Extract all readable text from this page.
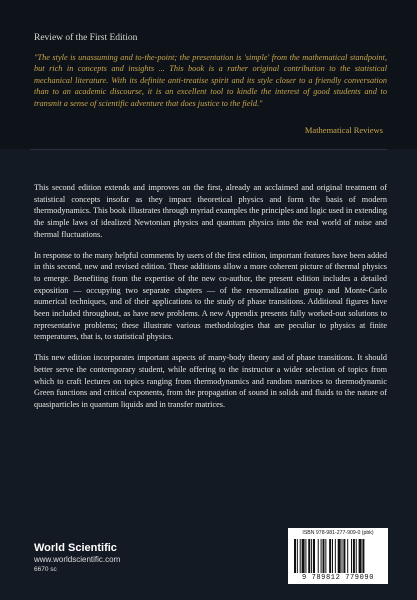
Review of the First Edition
"The style is unassuming and to-the-point; the presentation is 'simple' from the mathematical standpoint, but rich in concepts and insights ... This book is a rather original contribution to the statistical mechanical literature. With its definite anti-treatise spirit and its style closer to a friendly conversation than to an academic discourse, it is an excellent tool to kindle the interest of good students and to transmit a sense of scientific adventure that does justice to the field."
Mathematical Reviews

This second edition extends and improves on the first, already an acclaimed and original treatment of statistical concepts insofar as they impact theoretical physics and form the basis of modern thermodynamics. This book illustrates through myriad examples the principles and logic used in extending the simple laws of idealized Newtonian physics and quantum physics into the real world of noise and thermal fluctuations.

In response to the many helpful comments by users of the first edition, important features have been added in this second, new and revised edition. These additions allow a more coherent picture of thermal physics to emerge. Benefiting from the expertise of the new co-author, the present edition includes a detailed exposition — occupying two separate chapters — of the renormalization group and Monte-Carlo numerical techniques, and of their applications to the study of phase transitions. Additional figures have been included throughout, as have new problems. A new Appendix presents fully worked-out solutions to representative problems; these illustrate various methodologies that are peculiar to physics at finite temperatures, that is, to statistical physics.

This new edition incorporates important aspects of many-body theory and of phase transitions. It should better serve the contemporary student, while offering to the instructor a wider selection of topics from which to craft lectures on topics ranging from thermodynamics and random matrices to thermodynamic Green functions and critical exponents, from the propagation of sound in solids and fluids to the nature of quasiparticles in quantum liquids and in transfer matrices.

World Scientific
www.worldscientific.com
6670 sc
ISBN 978-981-277-909-0 (pbk)
9 789812 779090
